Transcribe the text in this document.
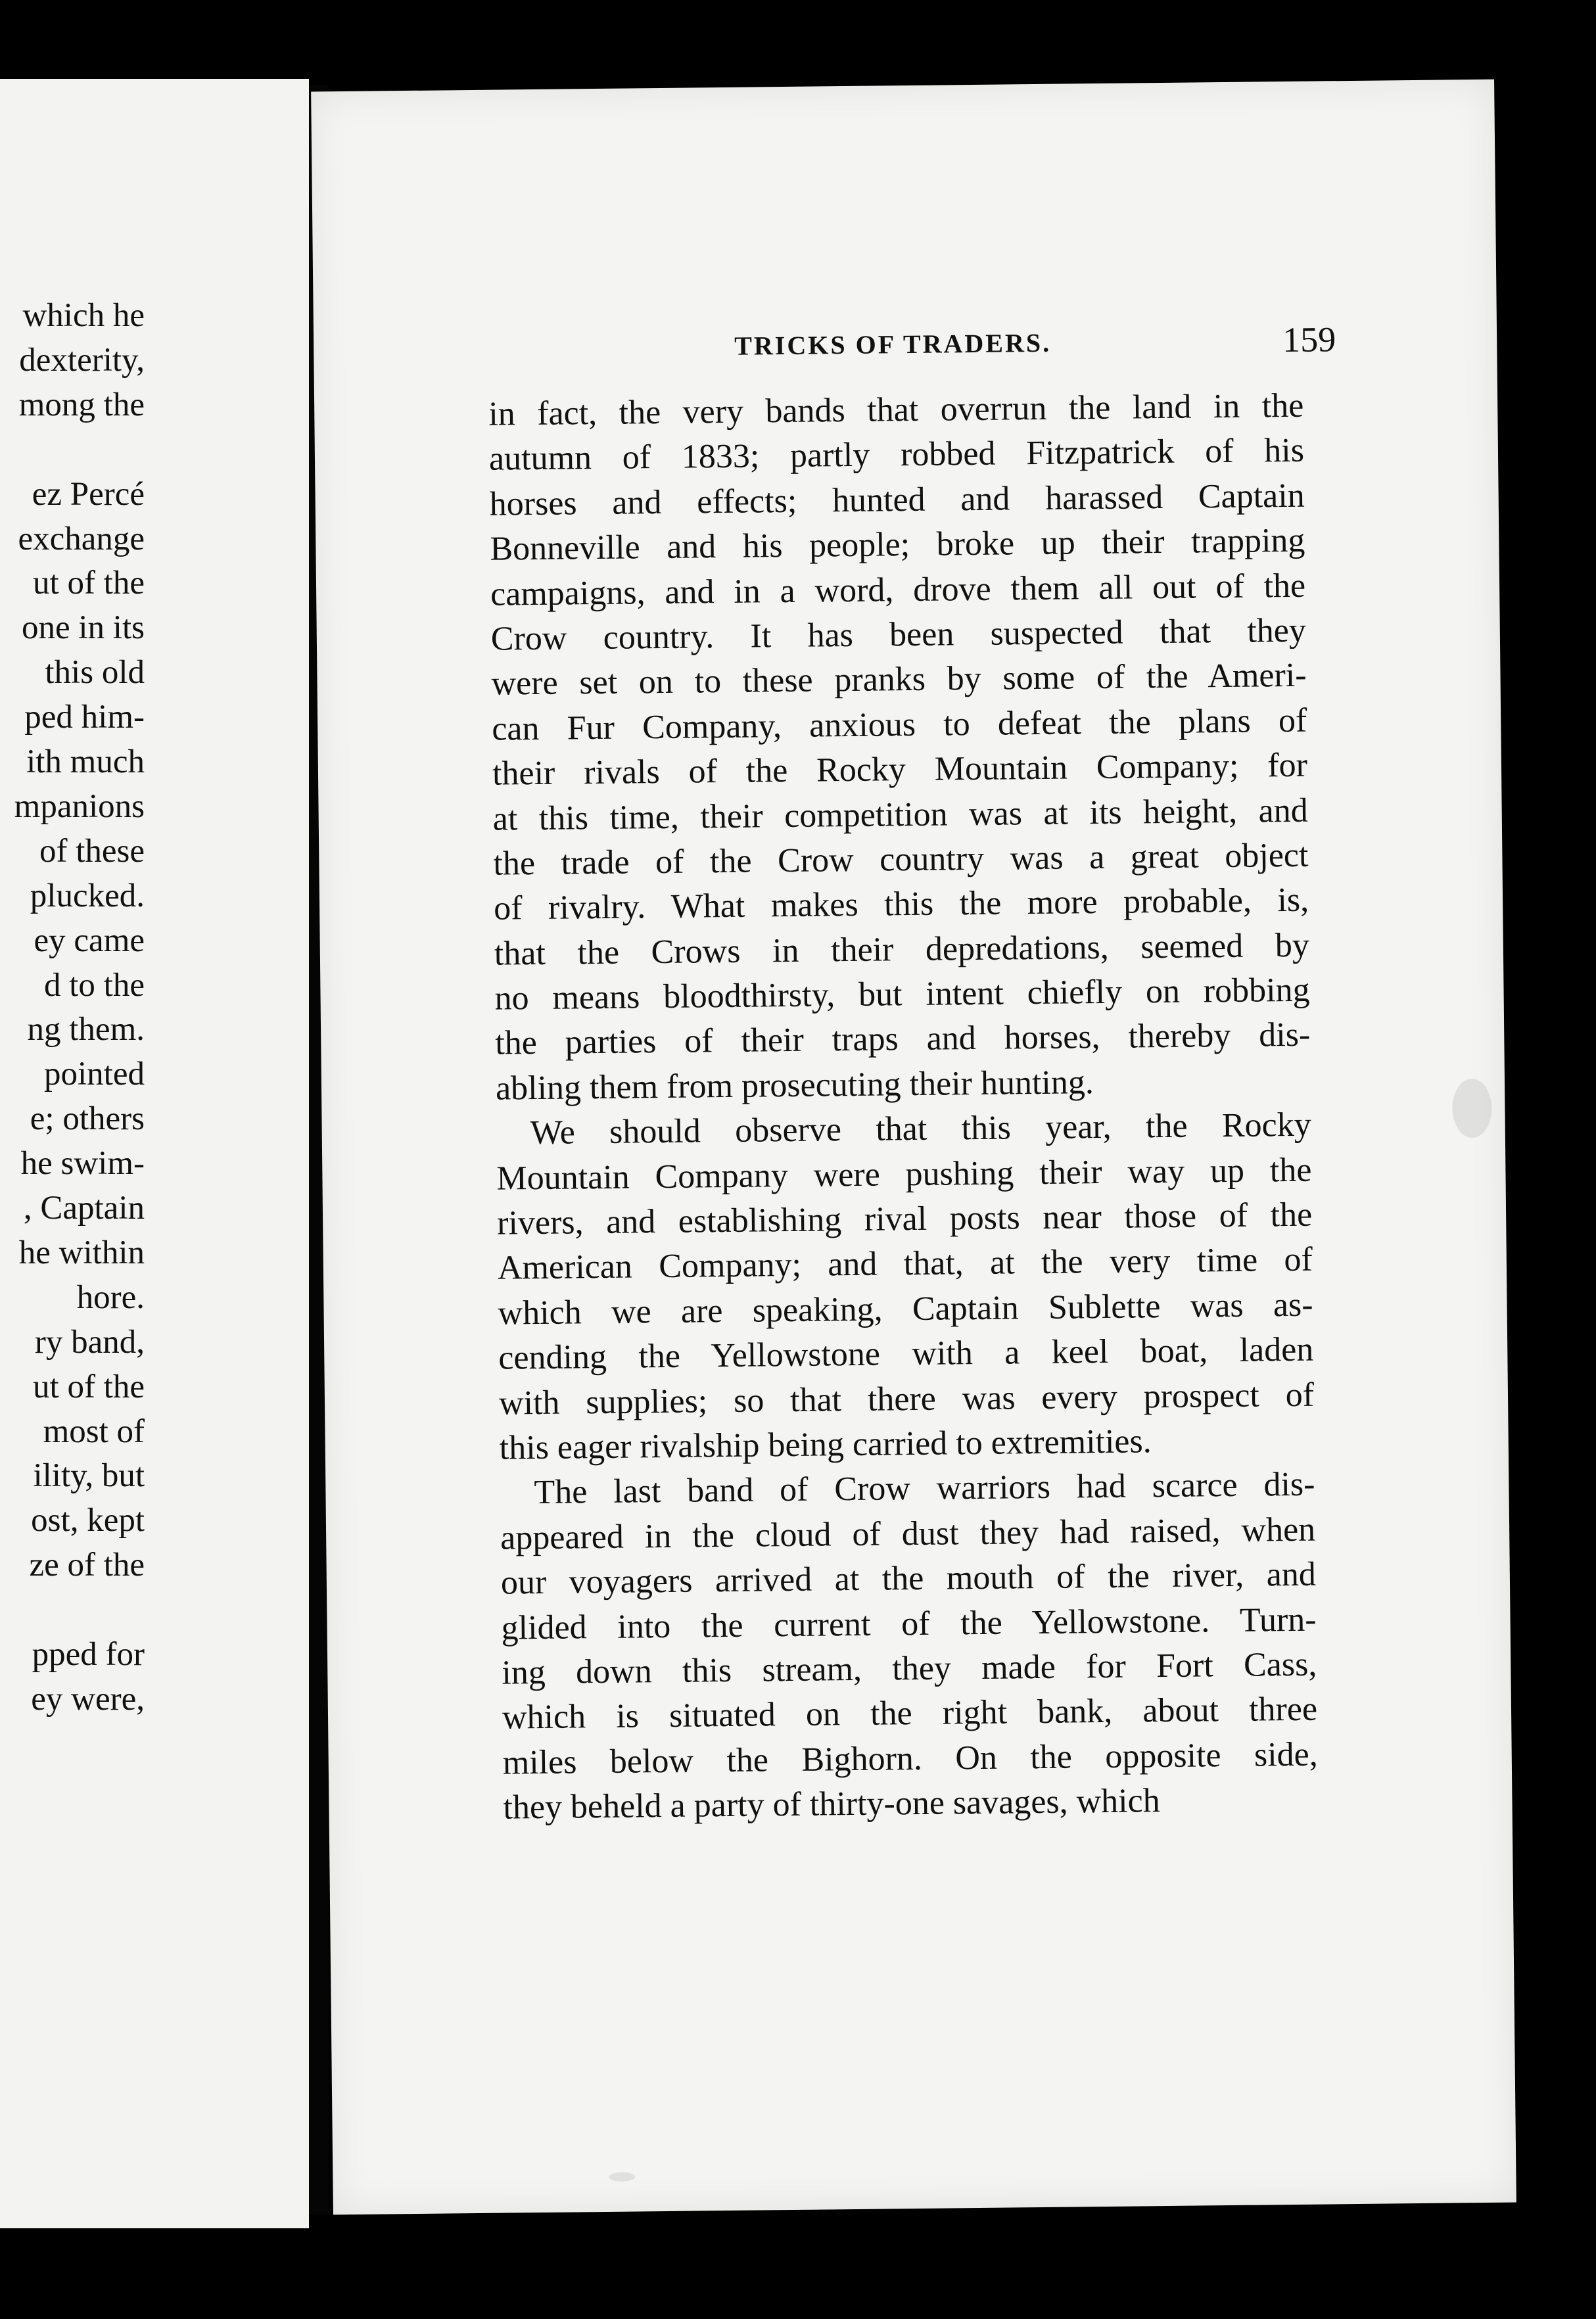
which he
dexterity,
mong the
ez Percé
exchange
ut of the
one in its
this old
ped him-
ith much
mpanions
of these
plucked.
ey came
d to the
ng them.
pointed
e; others
he swim-
, Captain
he within
hore.
ry band,
ut of the
most of
ility, but
ost, kept
ze of the
pped for
ey were,
TRICKS OF TRADERS.	159
in fact, the very bands that overrun the land in the
autumn of 1833; partly robbed Fitzpatrick of his
horses and effects; hunted and harassed Captain
Bonneville and his people; broke up their trapping
campaigns, and in a word, drove them all out of the
Crow country. It has been suspected that they
were set on to these pranks by some of the Ameri-
can Fur Company, anxious to defeat the plans of
their rivals of the Rocky Mountain Company; for
at this time, their competition was at its height, and
the trade of the Crow country was a great object
of rivalry. What makes this the more probable, is,
that the Crows in their depredations, seemed by
no means bloodthirsty, but intent chiefly on robbing
the parties of their traps and horses, thereby dis-
abling them from prosecuting their hunting.
We should observe that this year, the Rocky
Mountain Company were pushing their way up the
rivers, and establishing rival posts near those of the
American Company; and that, at the very time of
which we are speaking, Captain Sublette was as-
cending the Yellowstone with a keel boat, laden
with supplies; so that there was every prospect of
this eager rivalship being carried to extremities.
The last band of Crow warriors had scarce dis-
appeared in the cloud of dust they had raised, when
our voyagers arrived at the mouth of the river, and
glided into the current of the Yellowstone. Turn-
ing down this stream, they made for Fort Cass,
which is situated on the right bank, about three
miles below the Bighorn. On the opposite side,
they beheld a party of thirty-one savages, which
